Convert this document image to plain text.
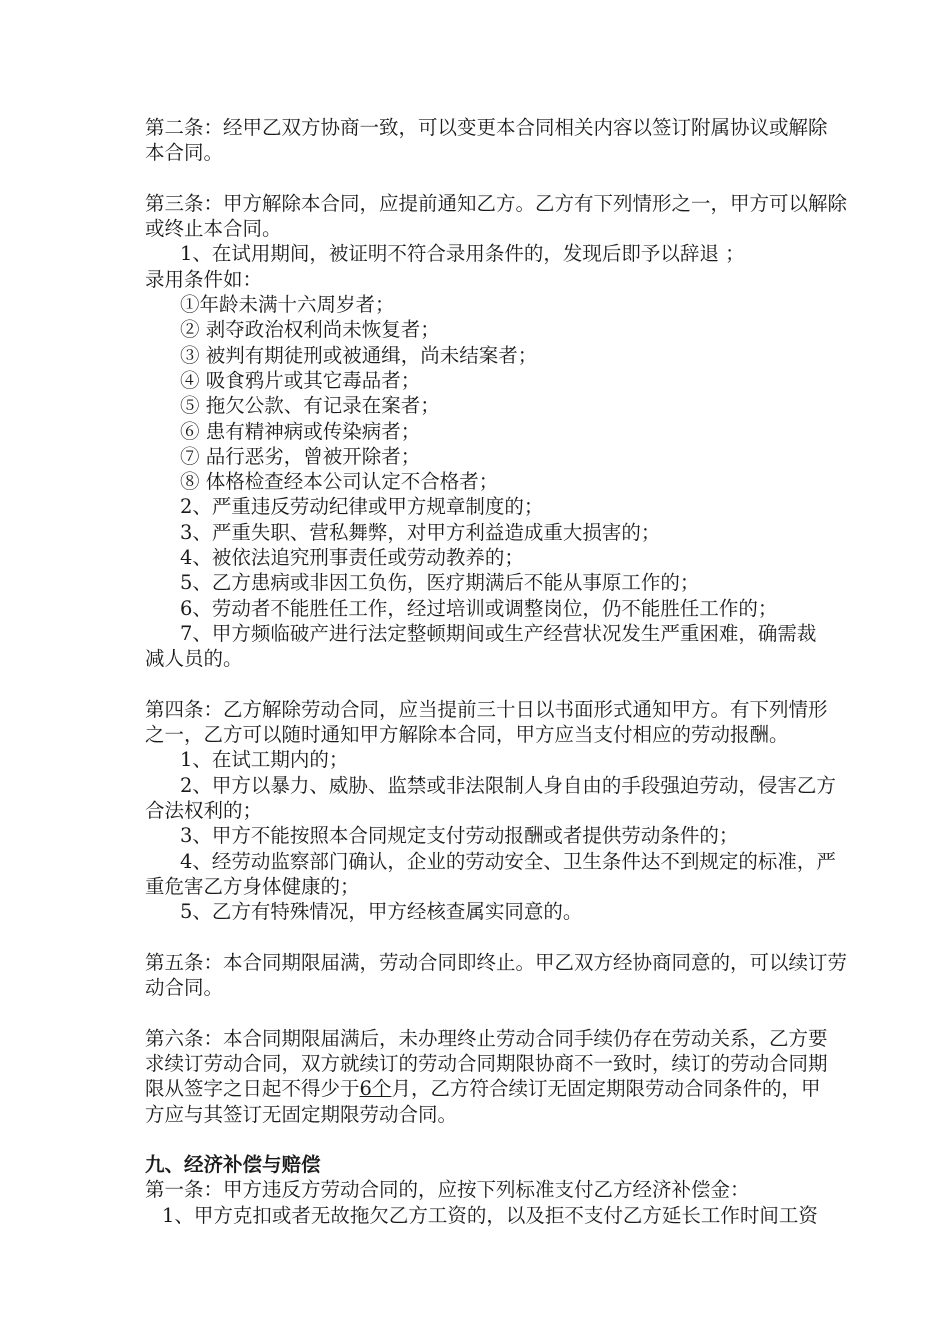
第二条：经甲乙双方协商一致，可以变更本合同相关内容以签订附属协议或解除
本合同。
第三条：甲方解除本合同，应提前通知乙方。乙方有下列情形之一，甲方可以解除
或终止本合同。
1、在试用期间，被证明不符合录用条件的，发现后即予以辞退 ；
录用条件如：
①年龄未满十六周岁者；
② 剥夺政治权利尚未恢复者；
③ 被判有期徒刑或被通缉，尚未结案者；
④ 吸食鸦片或其它毒品者；
⑤ 拖欠公款、有记录在案者；
⑥ 患有精神病或传染病者；
⑦ 品行恶劣，曾被开除者；
⑧ 体格检查经本公司认定不合格者；
2、严重违反劳动纪律或甲方规章制度的；
3、严重失职、营私舞弊，对甲方利益造成重大损害的；
4、被依法追究刑事责任或劳动教养的；
5、乙方患病或非因工负伤，医疗期满后不能从事原工作的；
6、劳动者不能胜任工作，经过培训或调整岗位，仍不能胜任工作的；
7、甲方频临破产进行法定整顿期间或生产经营状况发生严重困难，确需裁
减人员的。
第四条：乙方解除劳动合同，应当提前三十日以书面形式通知甲方。有下列情形
之一，乙方可以随时通知甲方解除本合同，甲方应当支付相应的劳动报酬。
1、在试工期内的；
2、甲方以暴力、威胁、监禁或非法限制人身自由的手段强迫劳动，侵害乙方
合法权利的；
3、甲方不能按照本合同规定支付劳动报酬或者提供劳动条件的；
4、经劳动监察部门确认，企业的劳动安全、卫生条件达不到规定的标准，严
重危害乙方身体健康的；
5、乙方有特殊情况，甲方经核查属实同意的。
第五条：本合同期限届满，劳动合同即终止。甲乙双方经协商同意的，可以续订劳
动合同。
第六条：本合同期限届满后，未办理终止劳动合同手续仍存在劳动关系，乙方要
求续订劳动合同，双方就续订的劳动合同期限协商不一致时，续订的劳动合同期
限从签字之日起不得少于6个月，乙方符合续订无固定期限劳动合同条件的，甲
方应与其签订无固定期限劳动合同。
九、经济补偿与赔偿
第一条：甲方违反方劳动合同的，应按下列标准支付乙方经济补偿金：
1、甲方克扣或者无故拖欠乙方工资的，以及拒不支付乙方延长工作时间工资
